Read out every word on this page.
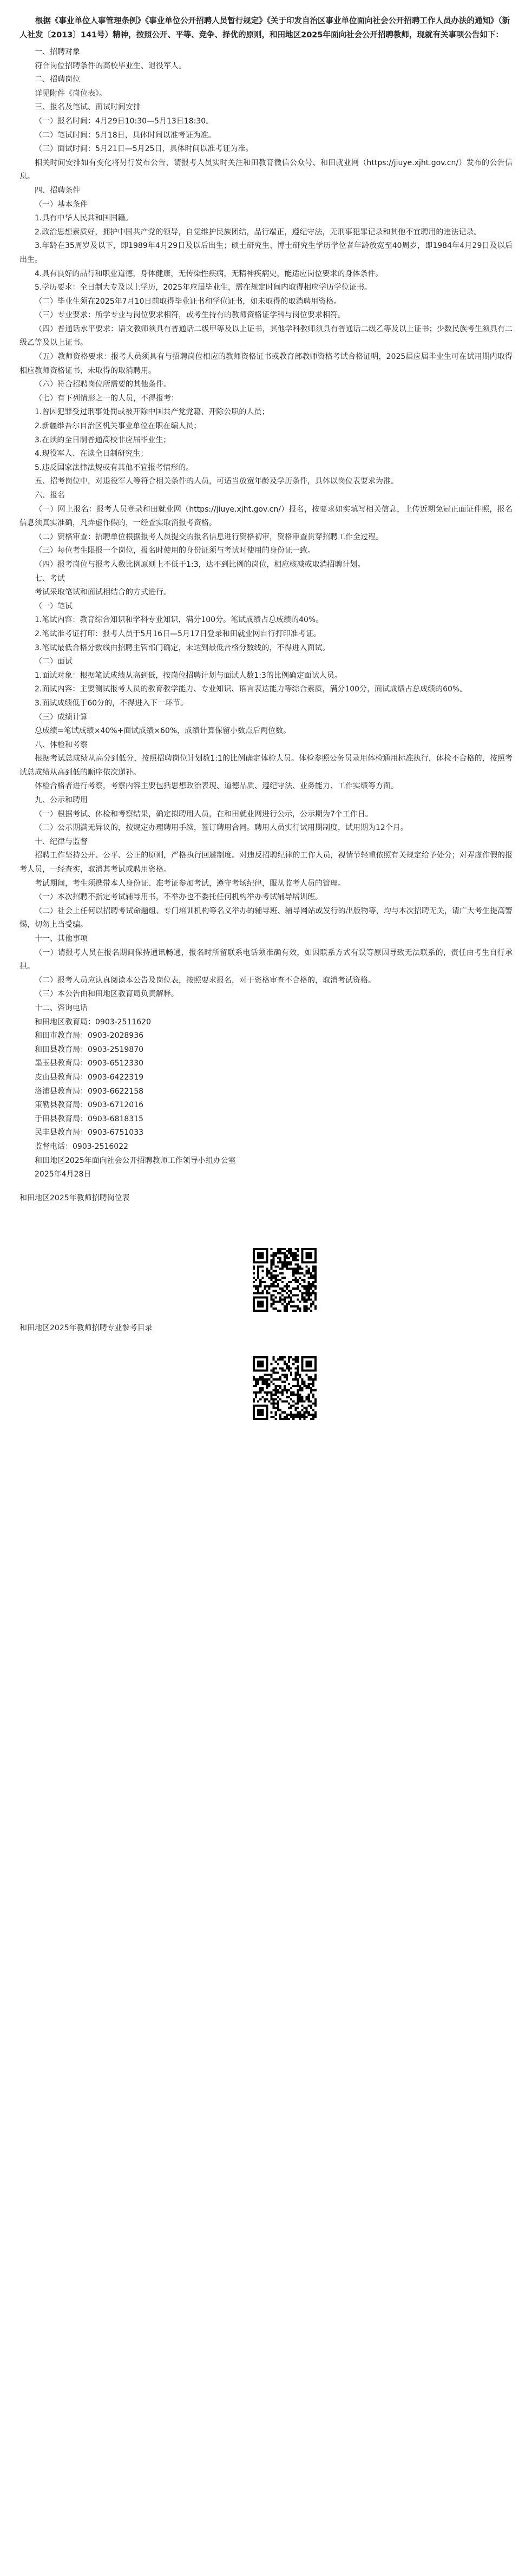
根据《事业单位人事管理条例》《事业单位公开招聘人员暂行规定》《关于印发自治区事业单位面向社会公开招聘工作人员办法的通知》（新人社发〔2013〕141号）精神，按照公开、平等、竞争、择优的原则，和田地区2025年面向社会公开招聘教师，现就有关事项公告如下：
一、招聘对象
符合岗位招聘条件的高校毕业生、退役军人。
二、招聘岗位
详见附件《岗位表》。
三、报名及笔试、面试时间安排
（一）报名时间：4月29日10:30—5月13日18:30。
（二）笔试时间：5月18日，具体时间以准考证为准。
（三）面试时间：5月21日—5月25日，具体时间以准考证为准。
相关时间安排如有变化将另行发布公告，请报考人员实时关注和田教育微信公众号、和田就业网（https://jiuye.xjht.gov.cn/）发布的公告信息。
四、招聘条件
（一）基本条件
1.具有中华人民共和国国籍。
2.政治思想素质好，拥护中国共产党的领导，自觉维护民族团结，品行端正，遵纪守法，无刑事犯罪记录和其他不宜聘用的违法记录。
3.年龄在35周岁及以下，即1989年4月29日及以后出生；硕士研究生、博士研究生学历学位者年龄放宽至40周岁，即1984年4月29日及以后出生。
4.具有良好的品行和职业道德，身体健康，无传染性疾病，无精神疾病史，能适应岗位要求的身体条件。
5.学历要求：全日制大专及以上学历，2025年应届毕业生，需在规定时间内取得相应学历学位证书。
（二）毕业生须在2025年7月10日前取得毕业证书和学位证书，如未取得的取消聘用资格。
（三）专业要求：所学专业与岗位要求相符，或考生持有的教师资格证学科与岗位要求相符。
（四）普通话水平要求：语文教师须具有普通话二级甲等及以上证书，其他学科教师须具有普通话二级乙等及以上证书；少数民族考生须具有二级乙等及以上证书。
（五）教师资格要求：报考人员须具有与招聘岗位相应的教师资格证书或教育部教师资格考试合格证明，2025届应届毕业生可在试用期内取得相应教师资格证书，未取得的取消聘用。
（六）符合招聘岗位所需要的其他条件。
（七）有下列情形之一的人员，不得报考：
1.曾因犯罪受过刑事处罚或被开除中国共产党党籍、开除公职的人员；
2.新疆维吾尔自治区机关事业单位在职在编人员；
3.在读的全日制普通高校非应届毕业生；
4.现役军人、在读全日制研究生；
5.违反国家法律法规或有其他不宜报考情形的。
五、招考岗位中，对退役军人等符合相关条件的人员，可适当放宽年龄及学历条件，具体以岗位表要求为准。
六、报名
（一）网上报名：报考人员登录和田就业网（https://jiuye.xjht.gov.cn/）报名，按要求如实填写相关信息，上传近期免冠正面证件照，报名信息须真实准确，凡弄虚作假的，一经查实取消报考资格。
（二）资格审查：招聘单位根据报考人员提交的报名信息进行资格初审，资格审查贯穿招聘工作全过程。
（三）每位考生限报一个岗位，报名时使用的身份证须与考试时使用的身份证一致。
（四）报考岗位与报考人数比例原则上不低于1:3，达不到比例的岗位，相应核减或取消招聘计划。
七、考试
考试采取笔试和面试相结合的方式进行。
（一）笔试
1.笔试内容：教育综合知识和学科专业知识，满分100分。笔试成绩占总成绩的40%。
2.笔试准考证打印：报考人员于5月16日—5月17日登录和田就业网自行打印准考证。
3.笔试最低合格分数线由招聘主管部门确定，未达到最低合格分数线的，不得进入面试。
（二）面试
1.面试对象：根据笔试成绩从高到低，按岗位招聘计划与面试人数1:3的比例确定面试人员。
2.面试内容：主要测试报考人员的教育教学能力、专业知识、语言表达能力等综合素质，满分100分，面试成绩占总成绩的60%。
3.面试成绩低于60分的，不得进入下一环节。
（三）成绩计算
总成绩=笔试成绩×40%+面试成绩×60%，成绩计算保留小数点后两位数。
八、体检和考察
根据考试总成绩从高分到低分，按照招聘岗位计划数1:1的比例确定体检人员。体检参照公务员录用体检通用标准执行，体检不合格的，按照考试总成绩从高到低的顺序依次递补。
体检合格者进行考察，考察内容主要包括思想政治表现、道德品质、遵纪守法、业务能力、工作实绩等方面。
九、公示和聘用
（一）根据考试、体检和考察结果，确定拟聘用人员，在和田就业网进行公示，公示期为7个工作日。
（二）公示期满无异议的，按规定办理聘用手续，签订聘用合同。聘用人员实行试用期制度，试用期为12个月。
十、纪律与监督
招聘工作坚持公开、公平、公正的原则，严格执行回避制度。对违反招聘纪律的工作人员，视情节轻重依照有关规定给予处分；对弄虚作假的报考人员，一经查实，取消其考试或聘用资格。
考试期间，考生须携带本人身份证、准考证参加考试，遵守考场纪律，服从监考人员的管理。
（一）本次招聘不指定考试辅导用书，不举办也不委托任何机构举办考试辅导培训班。
（二）社会上任何以招聘考试命题组、专门培训机构等名义举办的辅导班、辅导网站或发行的出版物等，均与本次招聘无关，请广大考生提高警惕，切勿上当受骗。
十一、其他事项
（一）请报考人员在报名期间保持通讯畅通，报名时所留联系电话须准确有效，如因联系方式有误等原因导致无法联系的，责任由考生自行承担。
（二）报考人员应认真阅读本公告及岗位表，按照要求报名，对于资格审查不合格的，取消考试资格。
（三）本公告由和田地区教育局负责解释。
十二、咨询电话
和田地区教育局：0903-2511620
和田市教育局：0903-2028936
和田县教育局：0903-2519870
墨玉县教育局：0903-6512330
皮山县教育局：0903-6422319
洛浦县教育局：0903-6622158
策勒县教育局：0903-6712016
于田县教育局：0903-6818315
民丰县教育局：0903-6751033
监督电话：0903-2516022
和田地区2025年面向社会公开招聘教师工作领导小组办公室
2025年4月28日
和田地区2025年教师招聘岗位表
和田地区2025年教师招聘专业参考目录
